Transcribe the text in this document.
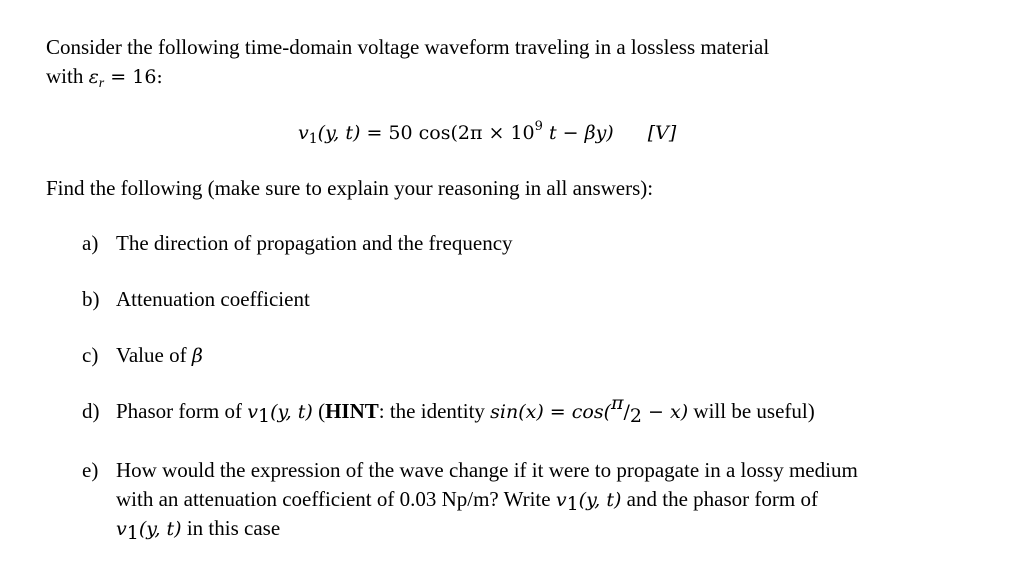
Consider the following time-domain voltage waveform traveling in a lossless material
with $\varepsilon_r = 16$:
$v_1(y$, t) = 50 $\cos(2\pi \times 10^9$ t − βy) [V]
Find the following (make sure to explain your reasoning in all answers):
a) The direction of propagation and the frequency
b) Attenuation coefficient
c) Value of β
d) Phasor form of $v_1(y$, t) (HINT: the identity $\sin(x) = \cos(^\pi/_2 - x)$ will be useful)
e) How would the expression of the wave change if it were to propagate in a lossy medium
with an attenuation coefficient of 0.03 Np/m? Write $v_1(y$, t) and the phasor form of
$v_1(y$, t) in this case
